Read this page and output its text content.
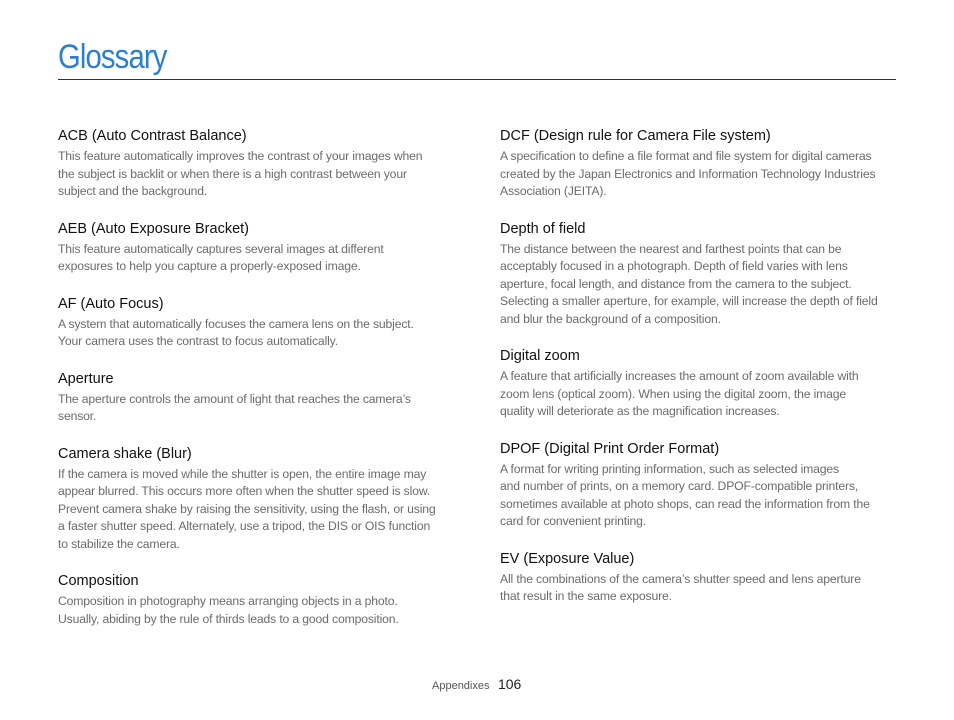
Glossary
ACB (Auto Contrast Balance)
This feature automatically improves the contrast of your images when
the subject is backlit or when there is a high contrast between your
subject and the background.
AEB (Auto Exposure Bracket)
This feature automatically captures several images at different
exposures to help you capture a properly-exposed image.
AF (Auto Focus)
A system that automatically focuses the camera lens on the subject.
Your camera uses the contrast to focus automatically.
Aperture
The aperture controls the amount of light that reaches the camera’s
sensor.
Camera shake (Blur)
If the camera is moved while the shutter is open, the entire image may
appear blurred. This occurs more often when the shutter speed is slow.
Prevent camera shake by raising the sensitivity, using the flash, or using
a faster shutter speed. Alternately, use a tripod, the DIS or OIS function
to stabilize the camera.
Composition
Composition in photography means arranging objects in a photo.
Usually, abiding by the rule of thirds leads to a good composition.
DCF (Design rule for Camera File system)
A specification to define a file format and file system for digital cameras
created by the Japan Electronics and Information Technology Industries
Association (JEITA).
Depth of field
The distance between the nearest and farthest points that can be
acceptably focused in a photograph. Depth of field varies with lens
aperture, focal length, and distance from the camera to the subject.
Selecting a smaller aperture, for example, will increase the depth of field
and blur the background of a composition.
Digital zoom
A feature that artificially increases the amount of zoom available with
zoom lens (optical zoom). When using the digital zoom, the image
quality will deteriorate as the magnification increases.
DPOF (Digital Print Order Format)
A format for writing printing information, such as selected images
and number of prints, on a memory card. DPOF-compatible printers,
sometimes available at photo shops, can read the information from the
card for convenient printing.
EV (Exposure Value)
All the combinations of the camera’s shutter speed and lens aperture
that result in the same exposure.
Appendixes 106
